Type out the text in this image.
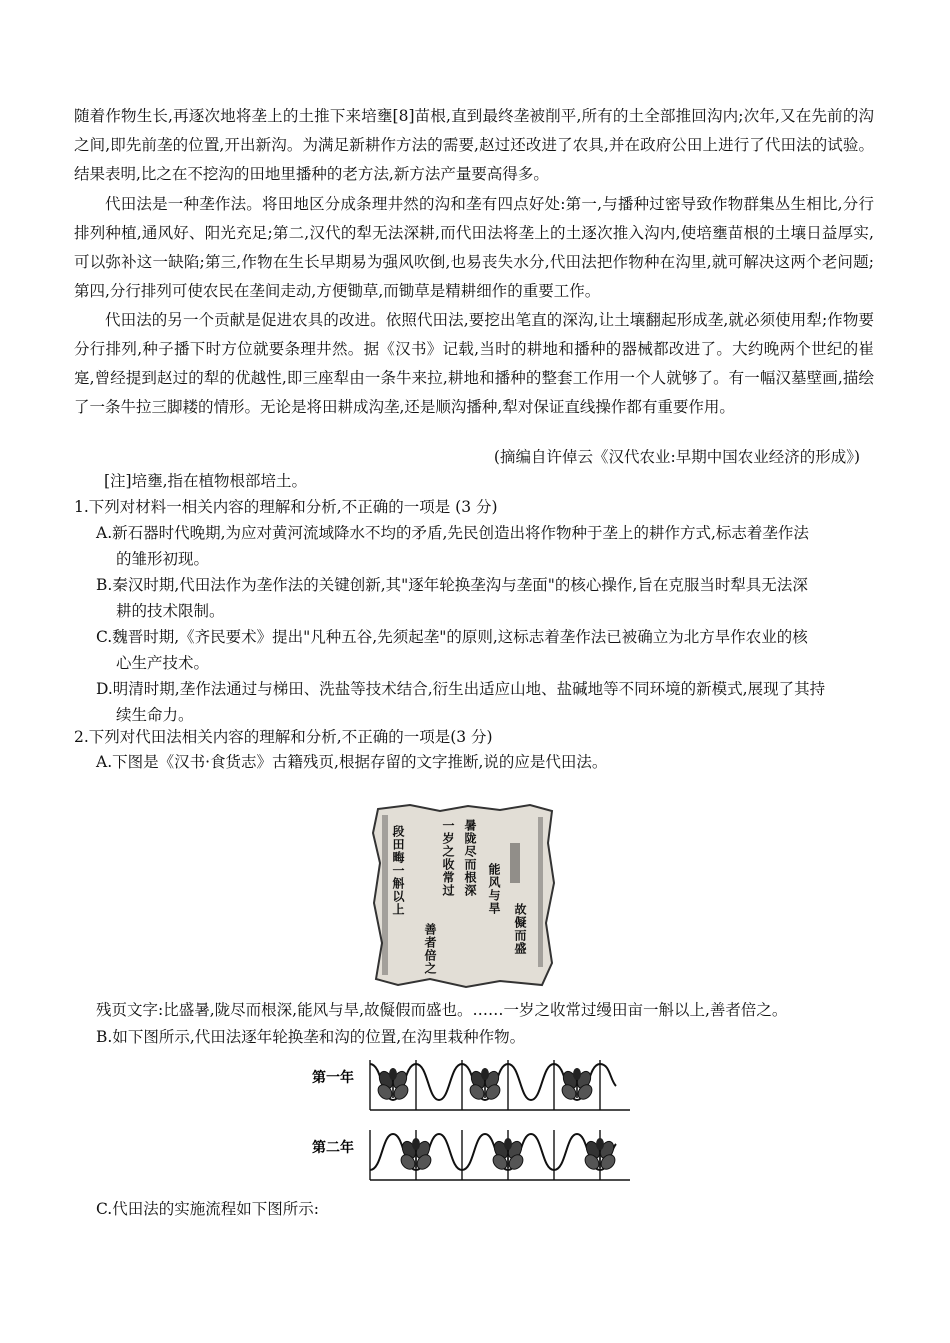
随着作物生长,再逐次地将垄上的土推下来培壅[8]苗根,直到最终垄被削平,所有的土全部推回沟内;次年,又在先前的沟之间,即先前垄的位置,开出新沟。为满足新耕作方法的需要,赵过还改进了农具,并在政府公田上进行了代田法的试验。结果表明,比之在不挖沟的田地里播种的老方法,新方法产量要高得多。

代田法是一种垄作法。将田地区分成条理井然的沟和垄有四点好处:第一,与播种过密导致作物群集丛生相比,分行排列种植,通风好、阳光充足;第二,汉代的犁无法深耕,而代田法将垄上的土逐次推入沟内,使培壅苗根的土壤日益厚实,可以弥补这一缺陷;第三,作物在生长早期易为强风吹倒,也易丧失水分,代田法把作物种在沟里,就可解决这两个老问题;第四,分行排列可使农民在垄间走动,方便锄草,而锄草是精耕细作的重要工作。

代田法的另一个贡献是促进农具的改进。依照代田法,要挖出笔直的深沟,让土壤翻起形成垄,就必须使用犁;作物要分行排列,种子播下时方位就要条理井然。据《汉书》记载,当时的耕地和播种的器械都改进了。大约晚两个世纪的崔寔,曾经提到赵过的犁的优越性,即三座犁由一条牛来拉,耕地和播种的整套工作用一个人就够了。有一幅汉墓壁画,描绘了一条牛拉三脚耧的情形。无论是将田耕成沟垄,还是顺沟播种,犁对保证直线操作都有重要作用。

(摘编自许倬云《汉代农业:早期中国农业经济的形成》)
[注]培壅,指在植物根部培土。
1.下列对材料一相关内容的理解和分析,不正确的一项是 (3 分)
A.新石器时代晚期,为应对黄河流域降水不均的矛盾,先民创造出将作物种于垄上的耕作方式,标志着垄作法
的雏形初现。
B.秦汉时期,代田法作为垄作法的关键创新,其"逐年轮换垄沟与垄面"的核心操作,旨在克服当时犁具无法深
耕的技术限制。
C.魏晋时期,《齐民要术》提出"凡种五谷,先须起垄"的原则,这标志着垄作法已被确立为北方旱作农业的核
心生产技术。
D.明清时期,垄作法通过与梯田、洗盐等技术结合,衍生出适应山地、盐碱地等不同环境的新模式,展现了其持
续生命力。
2.下列对代田法相关内容的理解和分析,不正确的一项是(3 分)
A.下图是《汉书·食货志》古籍残页,根据存留的文字推断,说的应是代田法。
段田畮一斛以上
善者倍之
一岁之收常过 暑陇尽而根深 能风与旱
故儗而盛
残页文字:比盛暑,陇尽而根深,能风与旱,故儗假而盛也。……一岁之收常过缦田亩一斛以上,善者倍之。
B.如下图所示,代田法逐年轮换垄和沟的位置,在沟里栽种作物。
第一年
第二年
C.代田法的实施流程如下图所示:
